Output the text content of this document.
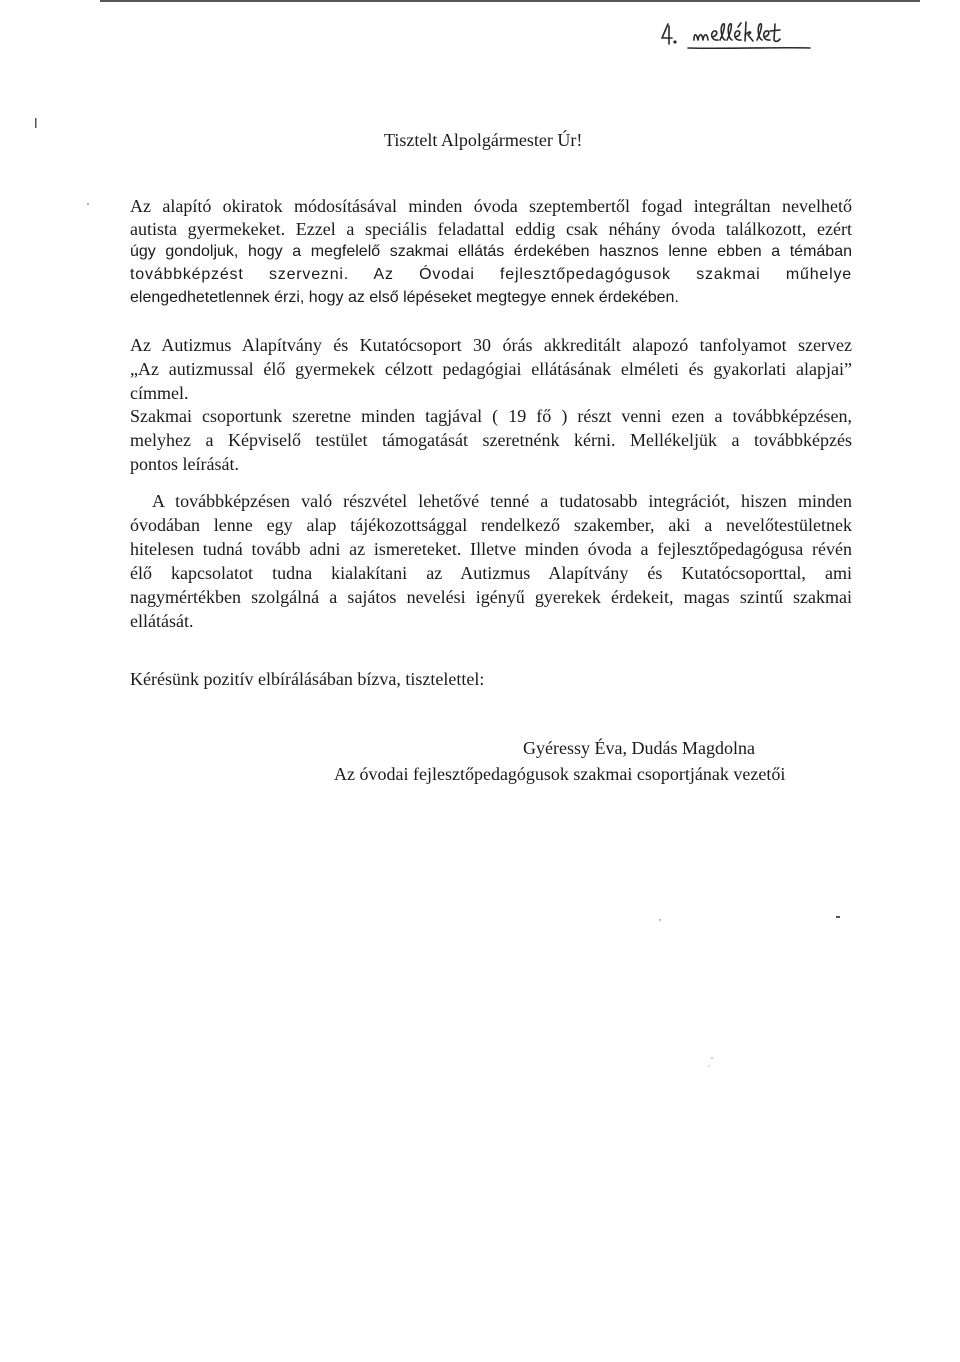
Tisztelt Alpolgármester Úr!
Az alapító okiratok módosításával minden óvoda szeptembertől fogad integráltan nevelhető
autista gyermekeket. Ezzel a speciális feladattal eddig csak néhány óvoda találkozott, ezért
úgy gondoljuk, hogy a megfelelő szakmai ellátás érdekében hasznos lenne ebben a témában
továbbképzést szervezni. Az Óvodai fejlesztőpedagógusok szakmai műhelye
elengedhetetlennek érzi, hogy az első lépéseket megtegye ennek érdekében.
Az Autizmus Alapítvány és Kutatócsoport 30 órás akkreditált alapozó tanfolyamot szervez
„Az autizmussal élő gyermekek célzott pedagógiai ellátásának elméleti és gyakorlati alapjai”
címmel.
Szakmai csoportunk szeretne minden tagjával ( 19 fő ) részt venni ezen a továbbképzésen,
melyhez a Képviselő testület támogatását szeretnénk kérni. Mellékeljük a továbbképzés
pontos leírását.
A továbbképzésen való részvétel lehetővé tenné a tudatosabb integrációt, hiszen minden
óvodában lenne egy alap tájékozottsággal rendelkező szakember, aki a nevelőtestületnek
hitelesen tudná tovább adni az ismereteket. Illetve minden óvoda a fejlesztőpedagógusa révén
élő kapcsolatot tudna kialakítani az Autizmus Alapítvány és Kutatócsoporttal, ami
nagymértékben szolgálná a sajátos nevelési igényű gyerekek érdekeit, magas szintű szakmai
ellátását.
Kérésünk pozitív elbírálásában bízva, tisztelettel:
Gyéressy Éva, Dudás Magdolna
Az óvodai fejlesztőpedagógusok szakmai csoportjának vezetői
